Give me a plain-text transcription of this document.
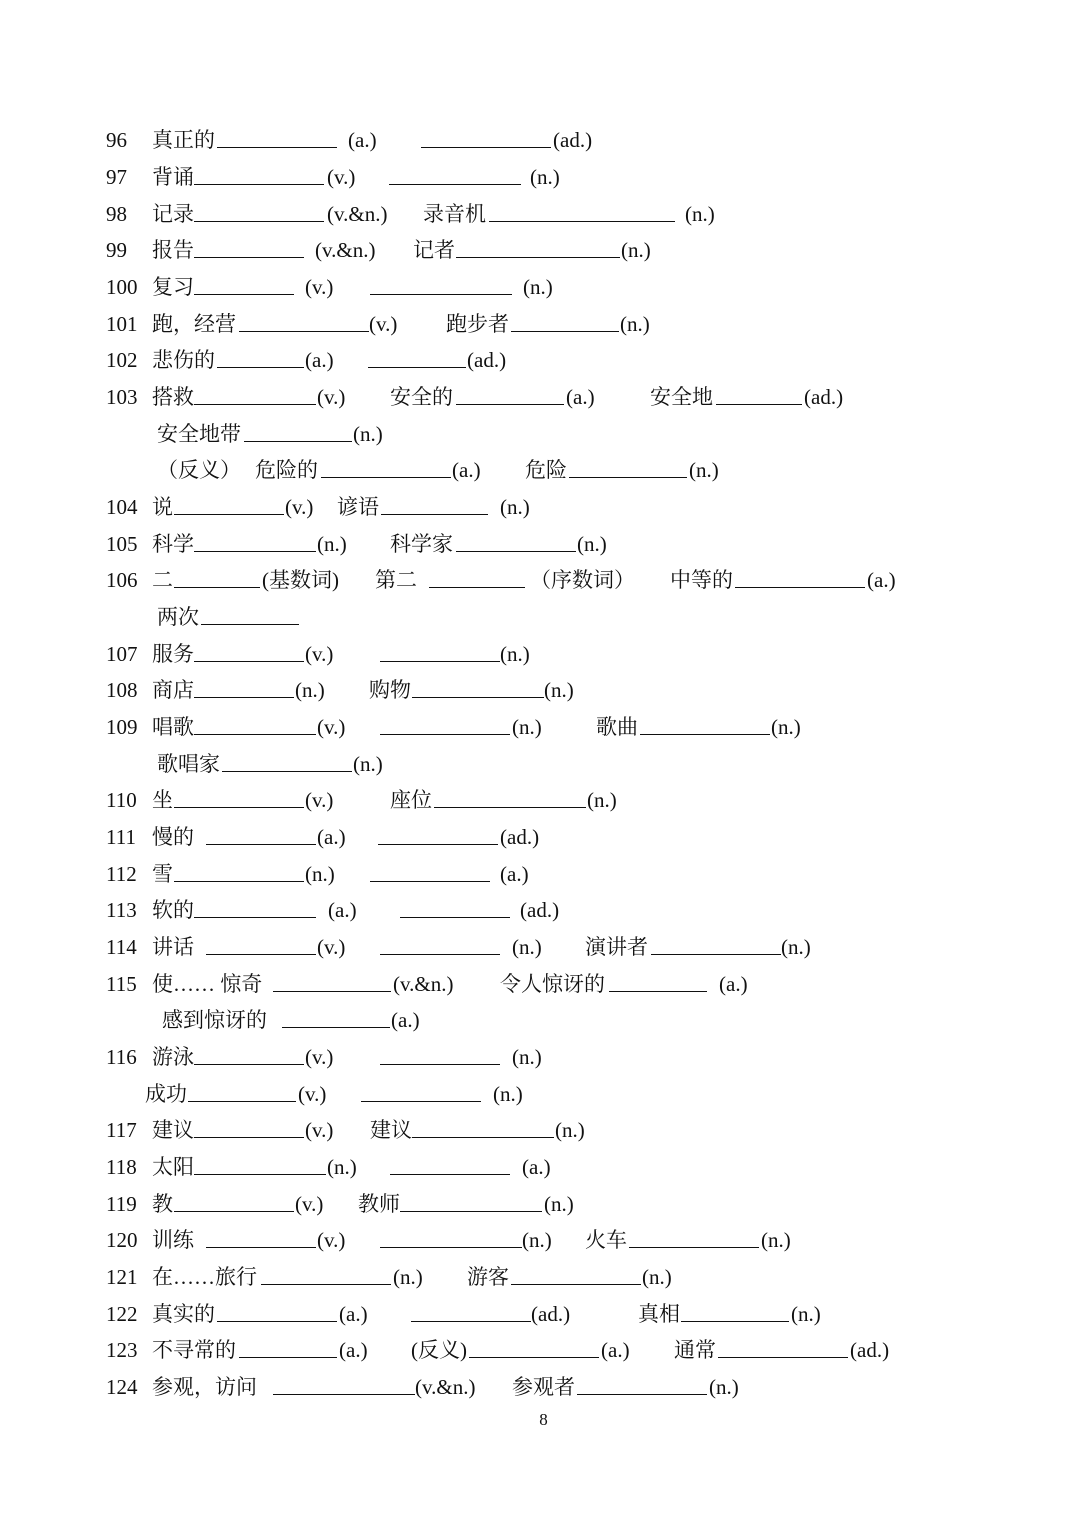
96 真正的	(a.)	(ad.)
97 背诵	(v.)	(n.)
98 记录	(v.&n.) 录音机	(n.)
99 报告	(v.&n.) 记者	(n.)
100 复习	(v.)	(n.)
101 跑，经营	(v.) 跑步者	(n.)
102 悲伤的	(a.)	(ad.)
103 搭救	(v.) 安全的	(a.)	安全地	(ad.)
安全地带	(n.)
（反义） 危险的	(a.) 危险	(n.)
104 说	(v.) 谚语	(n.)
105 科学	(n.) 科学家	(n.)
106 二	(基数词) 第二	（序数词） 中等的	(a.)
两次
107 服务	(v.)	(n.)
108 商店	(n.) 购物	(n.)
109 唱歌	(v.)	(n.)	歌曲	(n.)
歌唱家	(n.)
110 坐	(v.)	座位	(n.)
111 慢的	(a.)	(ad.)
112 雪	(n.)	(a.)
113 软的	(a.)	(ad.)
114 讲话	(v.)	(n.) 演讲者	(n.)
115 使…… 惊奇	(v.&n.) 令人惊讶的	(a.)
感到惊讶的	(a.)
116 游泳	(v.)	(n.)
成功	(v.)	(n.)
117 建议	(v.) 建议	(n.)
118 太阳	(n.)	(a.)
119 教	(v.) 教师	(n.)
120 训练	(v.)	(n.) 火车	(n.)
121 在……旅行	(n.) 游客	(n.)
122 真实的	(a.)	(ad.)	真相	(n.)
123 不寻常的	(a.) (反义)	(a.) 通常	(ad.)
124 参观，访问	(v.&n.) 参观者	(n.)
8
